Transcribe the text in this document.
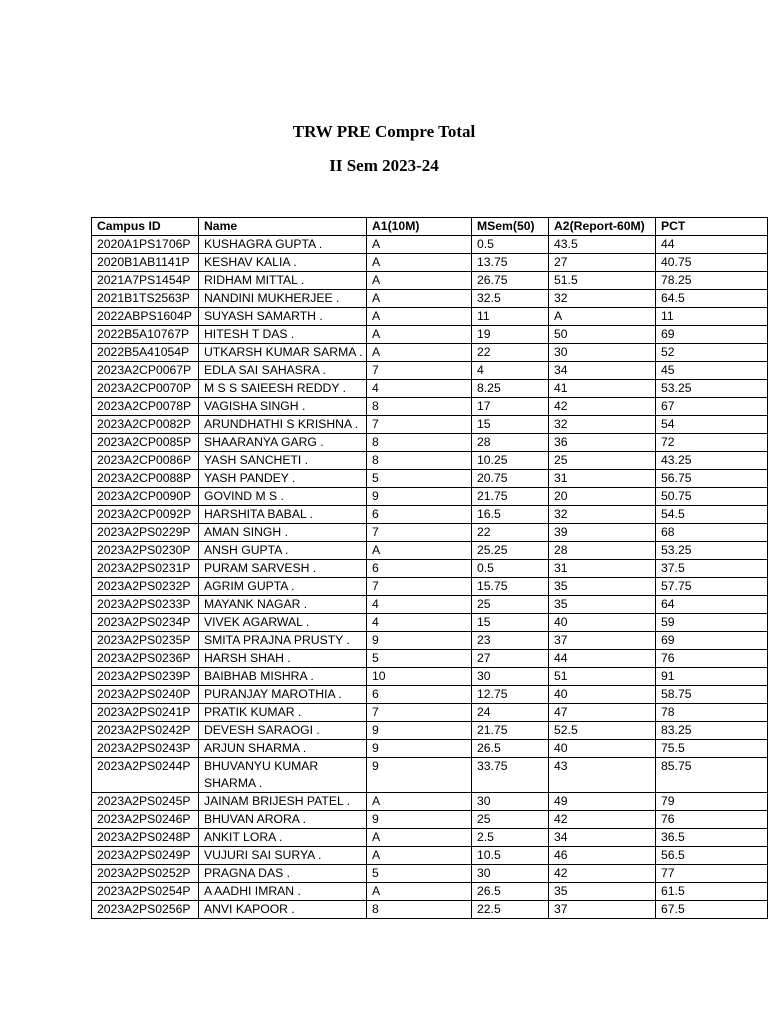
TRW PRE Compre Total
II Sem 2023-24
Campus ID	Name	A1(10M)	MSem(50)	A2(Report-60M)	PCT
2020A1PS1706P	KUSHAGRA GUPTA .	A	0.5	43.5	44
2020B1AB1141P	KESHAV KALIA .	A	13.75	27	40.75
2021A7PS1454P	RIDHAM MITTAL .	A	26.75	51.5	78.25
2021B1TS2563P	NANDINI MUKHERJEE .	A	32.5	32	64.5
2022ABPS1604P	SUYASH SAMARTH .	A	11	A	11
2022B5A10767P	HITESH T DAS .	A	19	50	69
2022B5A41054P	UTKARSH KUMAR SARMA .	A	22	30	52
2023A2CP0067P	EDLA SAI SAHASRA .	7	4	34	45
2023A2CP0070P	M S S SAIEESH REDDY .	4	8.25	41	53.25
2023A2CP0078P	VAGISHA SINGH .	8	17	42	67
2023A2CP0082P	ARUNDHATHI S KRISHNA .	7	15	32	54
2023A2CP0085P	SHAARANYA GARG .	8	28	36	72
2023A2CP0086P	YASH SANCHETI .	8	10.25	25	43.25
2023A2CP0088P	YASH PANDEY .	5	20.75	31	56.75
2023A2CP0090P	GOVIND M S .	9	21.75	20	50.75
2023A2CP0092P	HARSHITA BABAL .	6	16.5	32	54.5
2023A2PS0229P	AMAN SINGH .	7	22	39	68
2023A2PS0230P	ANSH GUPTA .	A	25.25	28	53.25
2023A2PS0231P	PURAM SARVESH .	6	0.5	31	37.5
2023A2PS0232P	AGRIM GUPTA .	7	15.75	35	57.75
2023A2PS0233P	MAYANK NAGAR .	4	25	35	64
2023A2PS0234P	VIVEK AGARWAL .	4	15	40	59
2023A2PS0235P	SMITA PRAJNA PRUSTY .	9	23	37	69
2023A2PS0236P	HARSH SHAH .	5	27	44	76
2023A2PS0239P	BAIBHAB MISHRA .	10	30	51	91
2023A2PS0240P	PURANJAY MAROTHIA .	6	12.75	40	58.75
2023A2PS0241P	PRATIK KUMAR .	7	24	47	78
2023A2PS0242P	DEVESH SARAOGI .	9	21.75	52.5	83.25
2023A2PS0243P	ARJUN SHARMA .	9	26.5	40	75.5
2023A2PS0244P	BHUVANYU KUMAR SHARMA .	9	33.75	43	85.75
2023A2PS0245P	JAINAM BRIJESH PATEL .	A	30	49	79
2023A2PS0246P	BHUVAN ARORA .	9	25	42	76
2023A2PS0248P	ANKIT LORA .	A	2.5	34	36.5
2023A2PS0249P	VUJURI SAI SURYA .	A	10.5	46	56.5
2023A2PS0252P	PRAGNA DAS .	5	30	42	77
2023A2PS0254P	A AADHI IMRAN .	A	26.5	35	61.5
2023A2PS0256P	ANVI KAPOOR .	8	22.5	37	67.5
